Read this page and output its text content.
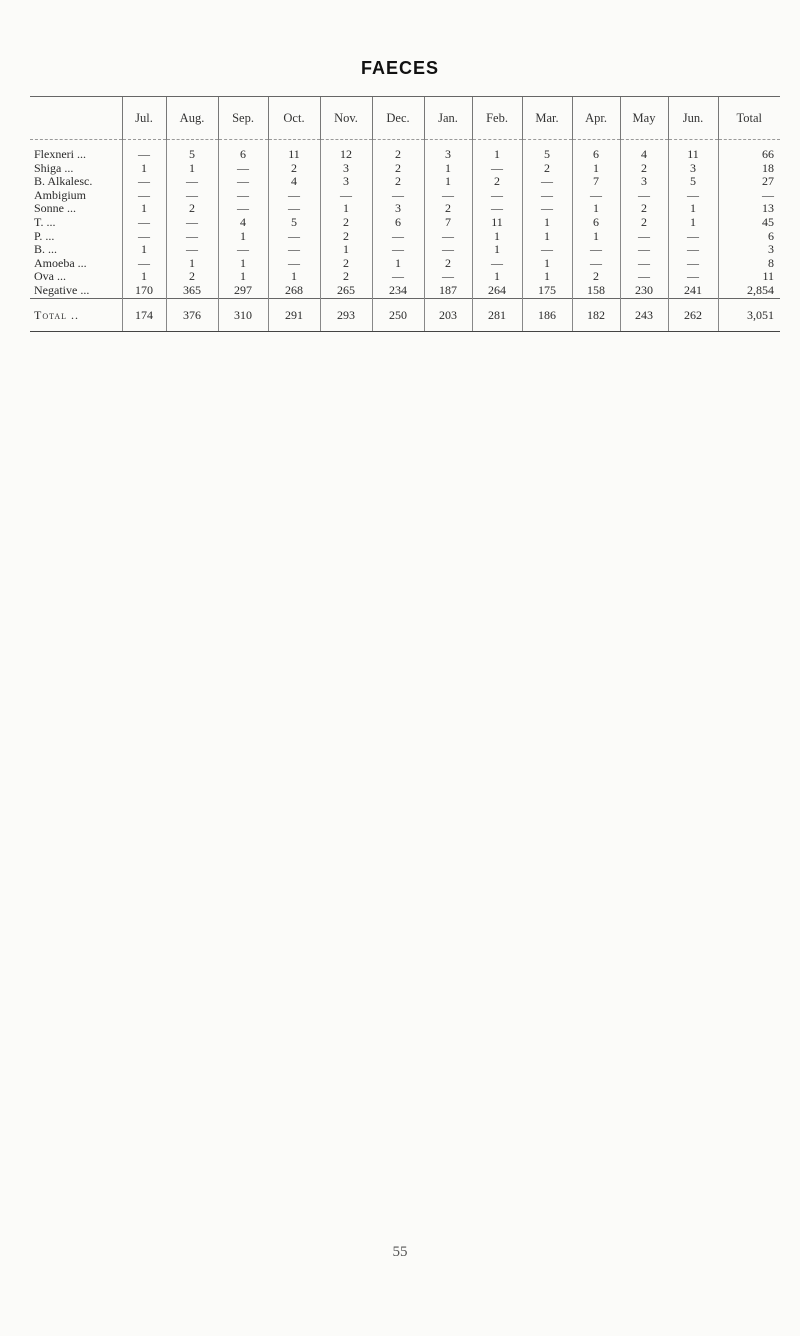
FAECES
	Jul.	Aug.	Sep.	Oct.	Nov.	Dec.	Jan.	Feb.	Mar.	Apr.	May	Jun.	Total
Flexneri ...	—	5	6	11	12	2	3	1	5	6	4	11	66
Shiga ...	1	1	—	2	3	2	1	—	2	1	2	3	18
B. Alkalesc.	—	—	—	4	3	2	1	2	—	7	3	5	27
Ambigium	—	—	—	—	—	—	—	—	—	—	—	—	—
Sonne ...	1	2	—	—	1	3	2	—	—	1	2	1	13
T. ...	—	—	4	5	2	6	7	11	1	6	2	1	45
P. ...	—	—	1	—	2	—	—	1	1	1	—	—	6
B. ...	1	—	—	—	1	—	—	1	—	—	—	—	3
Amoeba ...	—	1	1	—	2	1	2	—	1	—	—	—	8
Ova ...	1	2	1	1	2	—	—	1	1	2	—	—	11
Negative ...	170	365	297	268	265	234	187	264	175	158	230	241	2,854
Total ..	174	376	310	291	293	250	203	281	186	182	243	262	3,051
55
